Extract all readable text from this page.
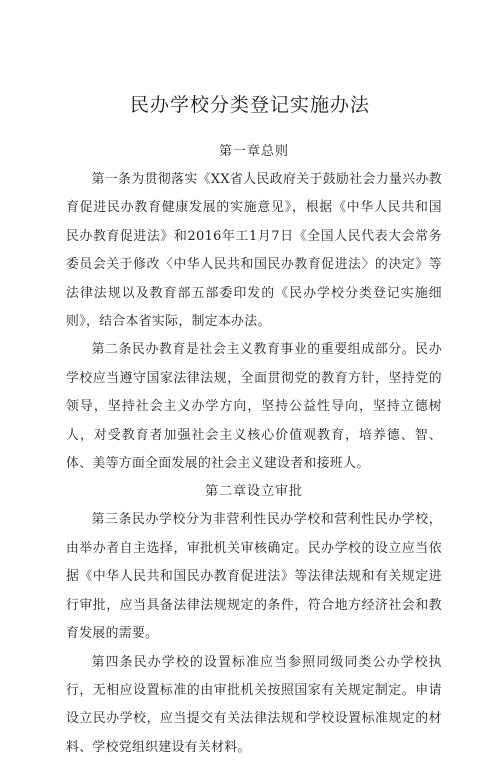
民办学校分类登记实施办法
第一章总则

第一条为贯彻落实《XX省人民政府关于鼓励社会力量兴办教育促进民办教育健康发展的实施意见》，根据《中华人民共和国民办教育促进法》和2016年工1月7日《全国人民代表大会常务委员会关于修改〈中华人民共和国民办教育促进法〉的决定》等法律法规以及教育部五部委印发的《民办学校分类登记实施细则》，结合本省实际，制定本办法。

第二条民办教育是社会主义教育事业的重要组成部分。民办学校应当遵守国家法律法规，全面贯彻党的教育方针，坚持党的领导，坚持社会主义办学方向，坚持公益性导向，坚持立德树人，对受教育者加强社会主义核心价值观教育，培养德、智、体、美等方面全面发展的社会主义建设者和接班人。

第二章设立审批

第三条民办学校分为非营利性民办学校和营利性民办学校，由举办者自主选择，审批机关审核确定。民办学校的设立应当依据《中华人民共和国民办教育促进法》等法律法规和有关规定进行审批，应当具备法律法规规定的条件，符合地方经济社会和教育发展的需要。

第四条民办学校的设置标准应当参照同级同类公办学校执行，无相应设置标准的由审批机关按照国家有关规定制定。申请设立民办学校，应当提交有关法律法规和学校设置标准规定的材料、学校党组织建设有关材料。
